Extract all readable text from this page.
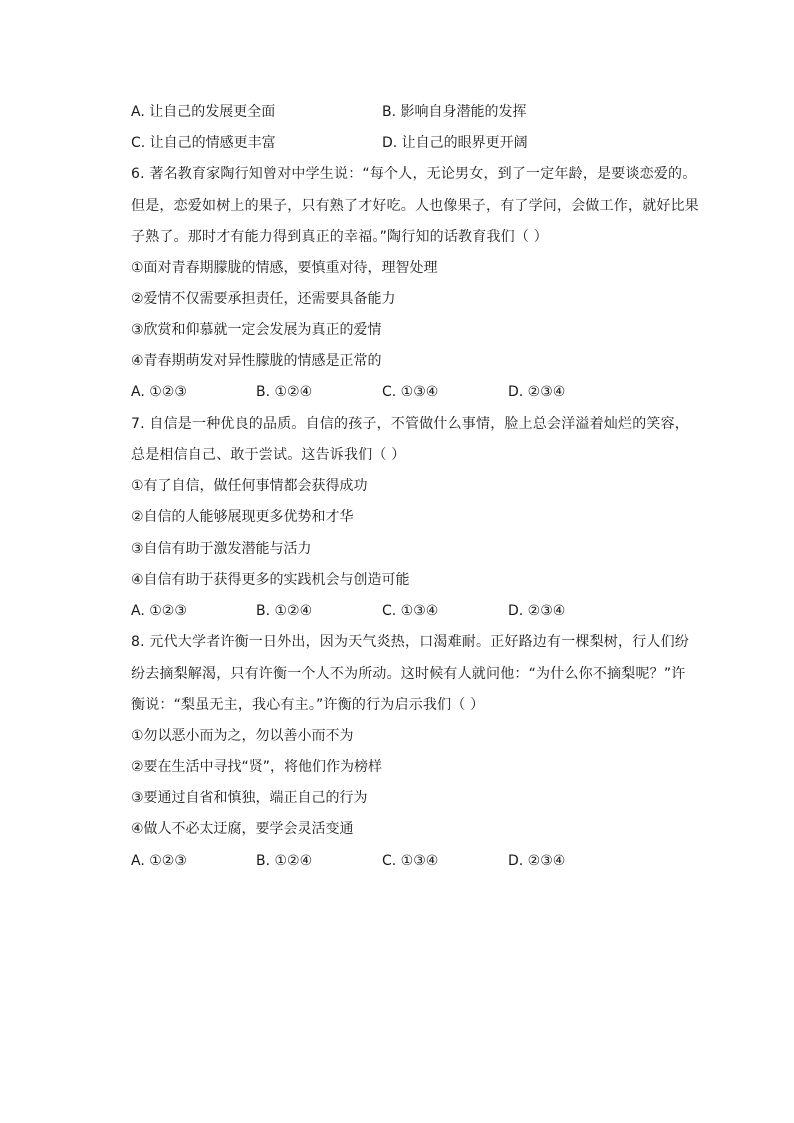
A. 让自己的发展更全面	B. 影响自身潜能的发挥
C. 让自己的情感更丰富	D. 让自己的眼界更开阔
6. 著名教育家陶行知曾对中学生说：“每个人，无论男女，到了一定年龄，是要谈恋爱的。
但是，恋爱如树上的果子，只有熟了才好吃。人也像果子，有了学问，会做工作，就好比果
子熟了。那时才有能力得到真正的幸福。”陶行知的话教育我们（ ）
①面对青春期朦胧的情感，要慎重对待，理智处理
②爱情不仅需要承担责任，还需要具备能力
③欣赏和仰慕就一定会发展为真正的爱情
④青春期萌发对异性朦胧的情感是正常的
A. ①②③	B. ①②④	C. ①③④	D. ②③④
7. 自信是一种优良的品质。自信的孩子，不管做什么事情，脸上总会洋溢着灿烂的笑容，
总是相信自己、敢于尝试。这告诉我们（ ）
①有了自信，做任何事情都会获得成功
②自信的人能够展现更多优势和才华
③自信有助于激发潜能与活力
④自信有助于获得更多的实践机会与创造可能
A. ①②③	B. ①②④	C. ①③④	D. ②③④
8. 元代大学者许衡一日外出，因为天气炎热，口渴难耐。正好路边有一棵梨树，行人们纷
纷去摘梨解渴，只有许衡一个人不为所动。这时候有人就问他：“为什么你不摘梨呢？”许
衡说：“梨虽无主，我心有主。”许衡的行为启示我们（ ）
①勿以恶小而为之，勿以善小而不为
②要在生活中寻找“贤”，将他们作为榜样
③要通过自省和慎独，端正自己的行为
④做人不必太迂腐，要学会灵活变通
A. ①②③	B. ①②④	C. ①③④	D. ②③④
